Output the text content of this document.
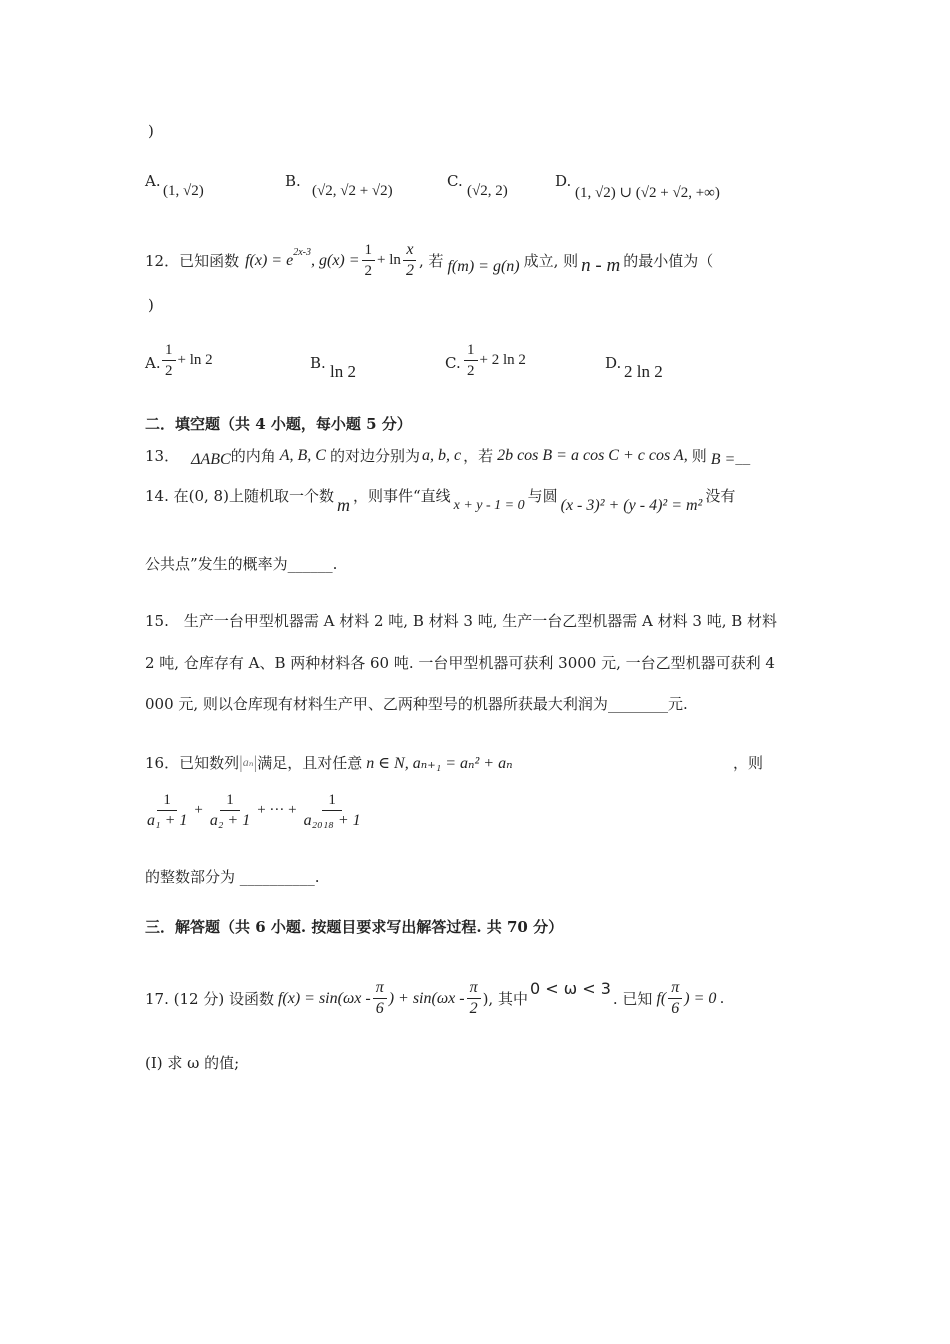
)
A.
(1, √2)
B.
(√2, √2 + √2)
C.
(√2, 2)
D.
(1, √2) ∪ (√2 + √2, +∞)
12．已知函数 $f(x) = e^{2x-3}$ , $g(x) = \frac{1}{2} + \ln \frac{x}{2}$ , 若 f(m) = g(n) 成立, 则 n - m 的最小值为（
)
A. $\frac{1}{2} + \ln 2$	B. ln 2	C. $\frac{1}{2} + 2$ ln 2	D. 2 ln 2
二．填空题（共 4 小题，每小题 5 分）
13． ΔABC 的内角 A, B, C 的对边分别为 a, b, c ，若 2b cos B = a cos C + c cos A, 则 B = __
14. 在(0, 8)上随机取一个数 m ，则事件“直线 x + y - 1 = 0 与圆 (x - 3)² + (y - 4)² = m² 没有
公共点”发生的概率为______.
15.　生产一台甲型机器需 A 材料 2 吨, B 材料 3 吨, 生产一台乙型机器需 A 材料 3 吨, B 材料
2 吨, 仓库存有 A、B 两种材料各 60 吨. 一台甲型机器可获利 3000 元, 一台乙型机器可获利 4
000 元, 则以仓库现有材料生产甲、乙两种型号的机器所获最大利润为________元.
16．已知数列 | aₙ | 满足，且对任意 n ∈ N, aₙ₊₁ = aₙ² + aₙ	，则
$\frac{1}{\text{a₁ + 1}} + \frac{1}{\text{a₂ + 1}}$ + ··· + $\frac{1}{\text{a₂₀₁₈ + 1}}$
的整数部分为 __________.
三．解答题（共 6 小题. 按题目要求写出解答过程. 共 70 分）
17. (12 分) 设函数 $f(x) = \sin(\omega x - \frac{\pi}{6}$ ) + $\sin(\omega x - \frac{\pi}{2}$ ), 其中
0 < ω < 3
. 已知 $f( \frac{\pi}{6}$ ) = 0 .
(I) 求 ω 的值;
